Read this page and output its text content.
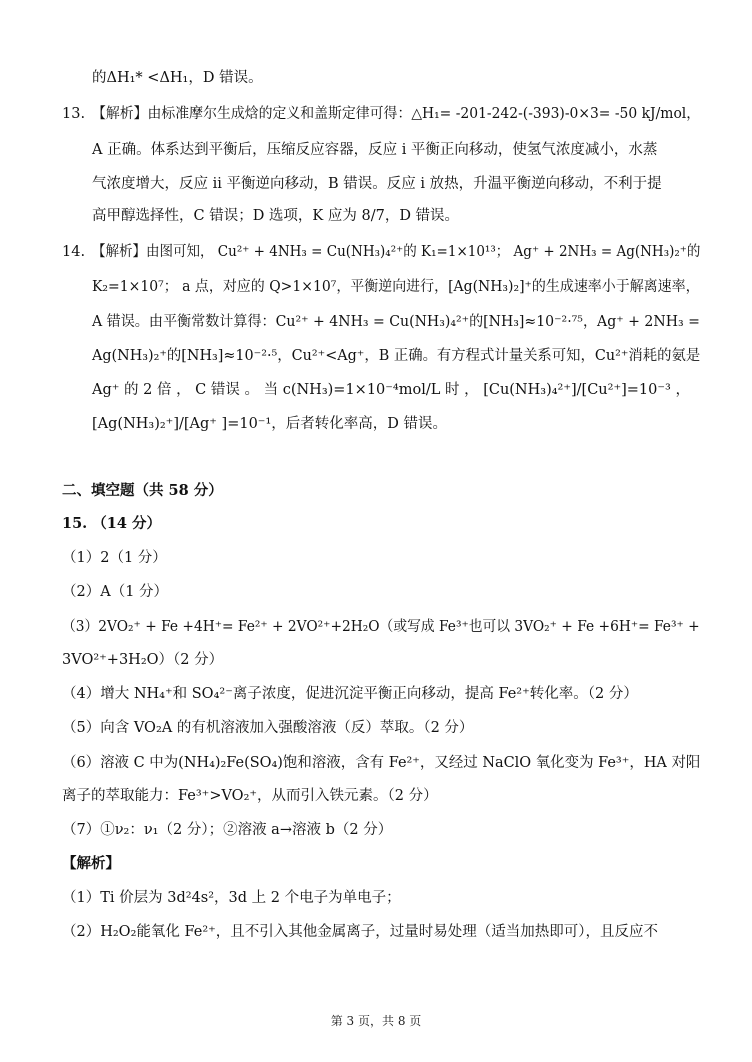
的ΔH₁* <ΔH₁，D 错误。
13. 【解析】由标准摩尔生成焓的定义和盖斯定律可得：△H₁= -201-242-(-393)-0×3= -50 kJ/mol，
A 正确。体系达到平衡后，压缩反应容器，反应 i 平衡正向移动，使氢气浓度减小，水蒸
气浓度增大，反应 ii 平衡逆向移动，B 错误。反应 i 放热，升温平衡逆向移动，不利于提
高甲醇选择性，C 错误；D 选项，K 应为 8/7，D 错误。
14. 【解析】由图可知， Cu²⁺ + 4NH₃ = Cu(NH₃)₄²⁺的 K₁=1×10¹³； Ag⁺ + 2NH₃ = Ag(NH₃)₂⁺的
K₂=1×10⁷； a 点，对应的 Q>1×10⁷，平衡逆向进行，[Ag(NH₃)₂]⁺的生成速率小于解离速率，
A 错误。由平衡常数计算得：Cu²⁺ + 4NH₃ = Cu(NH₃)₄²⁺的[NH₃]≈10⁻²·⁷⁵，Ag⁺ + 2NH₃ =
Ag(NH₃)₂⁺的[NH₃]≈10⁻²·⁵，Cu²⁺<Ag⁺，B 正确。有方程式计量关系可知，Cu²⁺消耗的氨是
Ag⁺ 的 2 倍 ， C 错误 。 当 c(NH₃)=1×10⁻⁴mol/L 时 ， [Cu(NH₃)₄²⁺]/[Cu²⁺]=10⁻³ ，
[Ag(NH₃)₂⁺]/[Ag⁺ ]=10⁻¹，后者转化率高，D 错误。
二、填空题（共 58 分）
15. （14 分）
（1）2（1 分）
（2）A（1 分）
（3）2VO₂⁺ + Fe +4H⁺= Fe²⁺ + 2VO²⁺+2H₂O（或写成 Fe³⁺也可以 3VO₂⁺ + Fe +6H⁺= Fe³⁺ +
3VO²⁺+3H₂O）（2 分）
（4）增大 NH₄⁺和 SO₄²⁻离子浓度，促进沉淀平衡正向移动，提高 Fe²⁺转化率。（2 分）
（5）向含 VO₂A 的有机溶液加入强酸溶液（反）萃取。（2 分）
（6）溶液 C 中为(NH₄)₂Fe(SO₄)饱和溶液，含有 Fe²⁺，又经过 NaClO 氧化变为 Fe³⁺，HA 对阳
离子的萃取能力：Fe³⁺>VO₂⁺，从而引入铁元素。（2 分）
（7）①ν₂：ν₁（2 分）；②溶液 a→溶液 b（2 分）
【解析】
（1）Ti 价层为 3d²4s²，3d 上 2 个电子为单电子；
（2）H₂O₂能氧化 Fe²⁺，且不引入其他金属离子，过量时易处理（适当加热即可），且反应不
第 3 页，共 8 页
